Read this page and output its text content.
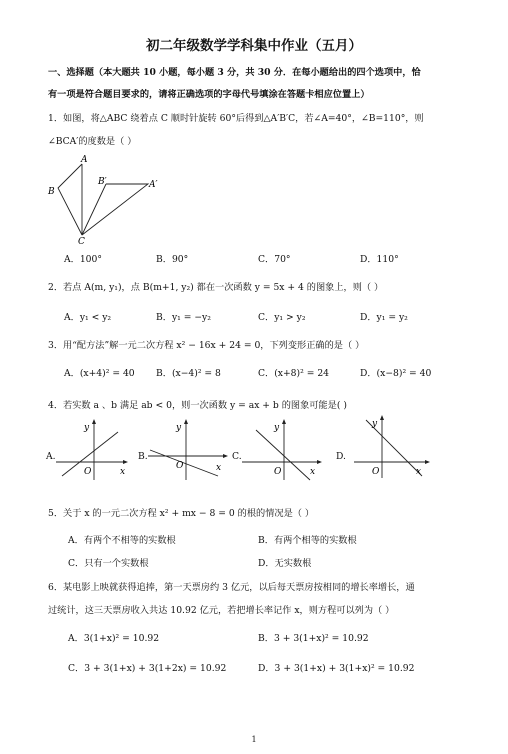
初二年级数学学科集中作业（五月）
一、选择题（本大题共 10 小题，每小题 3 分，共 30 分．在每小题给出的四个选项中，恰
有一项是符合题目要求的，请将正确选项的字母代号填涂在答题卡相应位置上）
1．如图，将△ABC 绕着点 C 顺时针旋转 60°后得到△A′B′C，若∠A=40°，∠B=110°，则
∠BCA′的度数是（ ）
A
B
C
B′	A′
A．100°	B．90°	C．70°	D．110°
2．若点 A(m, y₁)，点 B(m+1, y₂) 都在一次函数 y = 5x + 4 的图象上，则（ ）
A．y₁ < y₂	B．y₁ = −y₂	C．y₁ > y₂	D．y₁ = y₂
3．用“配方法”解一元二次方程 x² − 16x + 24 = 0，下列变形正确的是（ ）
A．(x+4)² = 40 B．(x−4)² = 8	C．(x+8)² = 24	D．(x−8)² = 40
4．若实数 a 、b 满足 ab < 0，则一次函数 y = ax + b 的图象可能是( )
A.
y
x
O
B.
y
x
O
C.
y
x
O
D.
y
x
O
5．关于 x 的一元二次方程 x² + mx − 8 = 0 的根的情况是（ ）
A．有两个不相等的实数根	B．有两个相等的实数根
C．只有一个实数根	D．无实数根
6．某电影上映就获得追捧，第一天票房约 3 亿元，以后每天票房按相同的增长率增长，通
过统计，这三天票房收入共达 10.92 亿元，若把增长率记作 x，则方程可以列为（ ）
A．3(1+x)² = 10.92	B．3 + 3(1+x)² = 10.92
C．3 + 3(1+x) + 3(1+2x) = 10.92	D．3 + 3(1+x) + 3(1+x)² = 10.92
1
